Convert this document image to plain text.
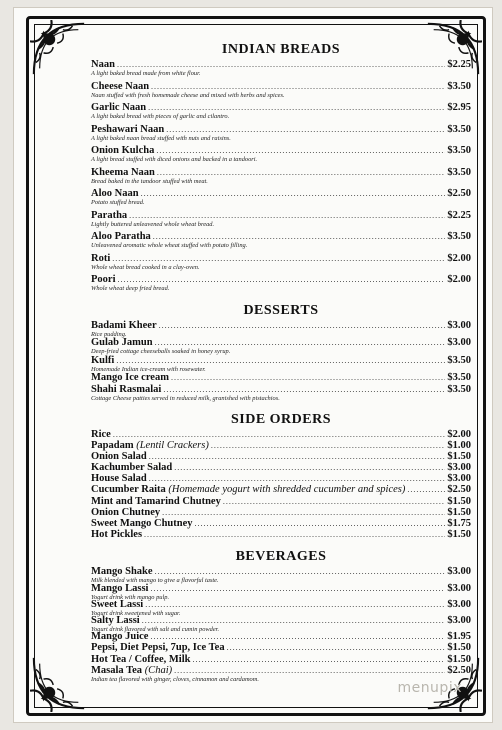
INDIAN BREADS
Naan .....	$2.25
A light baked bread made from white flour.
Cheese Naan .....	$3.50
Naan stuffed with fresh homemade cheese and mixed with herbs and spices.
Garlic Naan .....	$2.95
A light baked bread with pieces of garlic and cilantro.
Peshawari Naan .....	$3.50
A light baked naan bread stuffed with nuts and raisins.
Onion Kulcha .....	$3.50
A light bread stuffed with diced onions and backed in a tandoori.
Kheema Naan .....	$3.50
Bread baked in the tandoor stuffed with meat.
Aloo Naan .....	$2.50
Potato stuffed bread.
Paratha .....	$2.25
Lightly buttered unleavened whole wheat bread.
Aloo Paratha .....	$3.50
Unleavened aromatic whole wheat stuffed with potato filling.
Roti .....	$2.00
Whole wheat bread cooked in a clay-oven.
Poori .....	$2.00
Whole wheat deep fried bread.
DESSERTS
Badami Kheer .....	$3.00
Rice pudding.
Gulab Jamun .....	$3.00
Deep-fried cottage cheeseballs soaked in honey syrup.
Kulfi .....	$3.50
Homemade Indian ice-cream with rosewater.
Mango Ice cream .....	$3.50
Shahi Rasmalai .....	$3.50
Cottage Cheese patties served in reduced milk, granished with pistachios.
SIDE ORDERS
Rice .....	$2.00
Papadam (Lentil Crackers) .....	$1.00
Onion Salad .....	$1.50
Kachumber Salad .....	$3.00
House Salad .....	$3.00
Cucumber Raita (Homemade yogurt with shredded cucumber and spices) .....	$2.50
Mint and Tamarind Chutney .....	$1.50
Onion Chutney .....	$1.50
Sweet Mango Chutney .....	$1.75
Hot Pickles .....	$1.50
BEVERAGES
Mango Shake .....	$3.00
Milk blended with mango to give a flavorful taste.
Mango Lassi .....	$3.00
Yogurt drink with mango pulp.
Sweet Lassi .....	$3.00
Yogurt drink sweetened with sugar.
Salty Lassi .....	$3.00
Yogurt drink flavored with salt and cumin powder.
Mango Juice .....	$1.95
Pepsi, Diet Pepsi, 7up, Ice Tea .....	$1.50
Hot Tea / Coffee, Milk .....	$1.50
Masala Tea (Chai) .....	$2.50
Indian tea flavored with ginger, cloves, cinnamon and cardamom.
menupix
